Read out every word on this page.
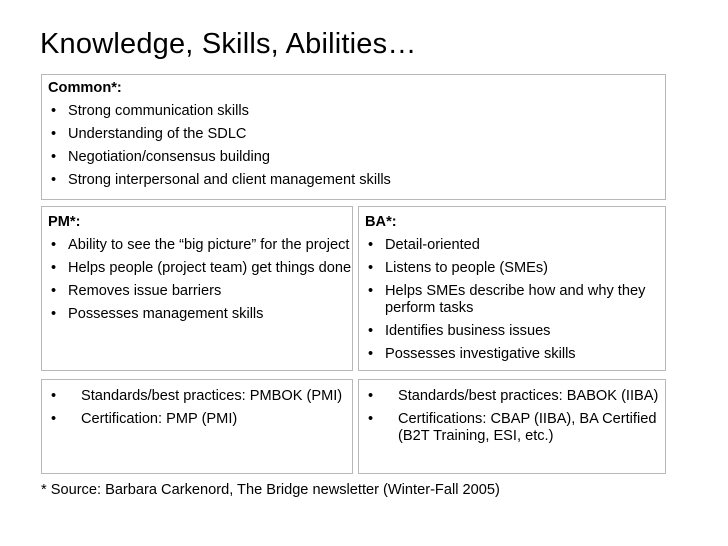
Knowledge, Skills, Abilities…
Common*:
• Strong communication skills
• Understanding of the SDLC
• Negotiation/consensus building
• Strong interpersonal and client management skills
PM*:
• Ability to see the “big picture” for the project
• Helps people (project team) get things done
• Removes issue barriers
• Possesses management skills
BA*:
• Detail-oriented
• Listens to people (SMEs)
• Helps SMEs describe how and why they perform tasks
• Identifies business issues
• Possesses investigative skills
• Standards/best practices: PMBOK (PMI)
• Certification: PMP (PMI)
• Standards/best practices: BABOK (IIBA)
• Certifications: CBAP (IIBA), BA Certified (B2T Training, ESI, etc.)
* Source: Barbara Carkenord, The Bridge newsletter (Winter-Fall 2005)
